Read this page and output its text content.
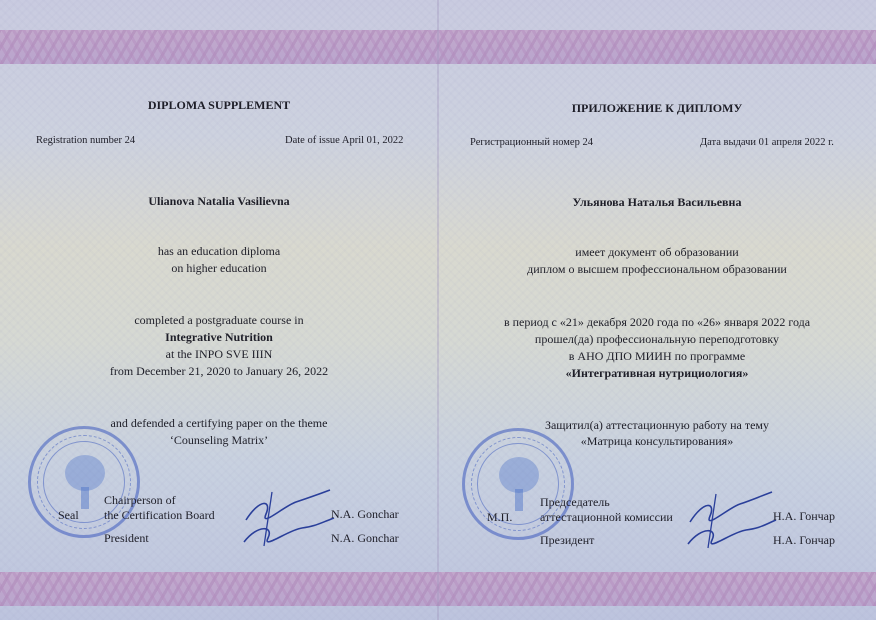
DIPLOMA SUPPLEMENT
Registration number 24	Date of issue April 01, 2022
Ulianova Natalia Vasilievna
has an education diploma
on higher education
completed a postgraduate course in
Integrative Nutrition
at the INPO SVE IIIN
from December 21, 2020 to January 26, 2022
and defended a certifying paper on the theme
‘Counseling Matrix’
Seal
Chairperson of
the Certification Board
President
N.A. Gonchar
N.A. Gonchar
ПРИЛОЖЕНИЕ К ДИПЛОМУ
Регистрационный номер 24	Дата выдачи 01 апреля 2022 г.
Ульянова Наталья Васильевна
имеет документ об образовании
диплом о высшем профессиональном образовании
в период с «21» декабря 2020 года по «26» января 2022 года
прошел(да) профессиональную переподготовку
в АНО ДПО МИИН по программе
«Интегративная нутрициология»
Защитил(а) аттестационную работу на тему
«Матрица консультирования»
М.П.
Председатель
аттестационной комиссии
Президент
Н.А. Гончар
Н.А. Гончар
